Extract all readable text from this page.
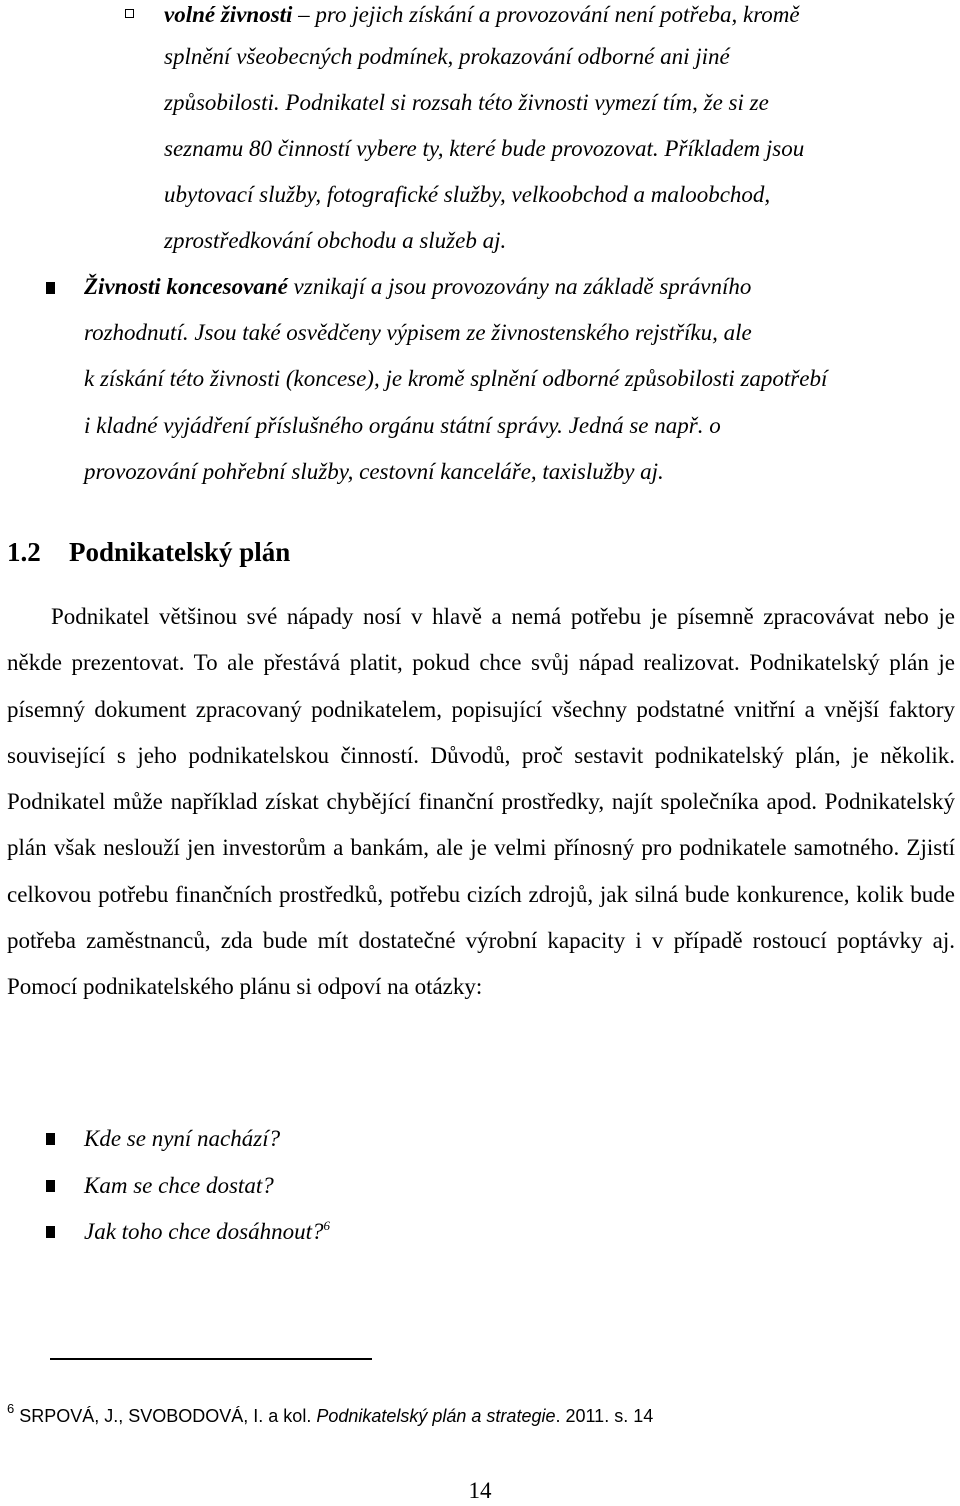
volné živnosti – pro jejich získání a provozování není potřeba, kromě
splnění všeobecných podmínek, prokazování odborné ani jiné
způsobilosti. Podnikatel si rozsah této živnosti vymezí tím, že si ze
seznamu 80 činností vybere ty, které bude provozovat. Příkladem jsou
ubytovací služby, fotografické služby, velkoobchod a maloobchod,
zprostředkování obchodu a služeb aj.
Živnosti koncesované vznikají a jsou provozovány na základě správního
rozhodnutí. Jsou také osvědčeny výpisem ze živnostenského rejstříku, ale
k získání této živnosti (koncese), je kromě splnění odborné způsobilosti zapotřebí
i kladné vyjádření příslušného orgánu státní správy. Jedná se např. o
provozování pohřební služby, cestovní kanceláře, taxislužby aj.
1.2 Podnikatelský plán
Podnikatel většinou své nápady nosí v hlavě a nemá potřebu je písemně zpracovávat nebo je někde prezentovat. To ale přestává platit, pokud chce svůj nápad realizovat. Podnikatelský plán je písemný dokument zpracovaný podnikatelem, popisující všechny podstatné vnitřní a vnější faktory související s jeho podnikatelskou činností. Důvodů, proč sestavit podnikatelský plán, je několik. Podnikatel může například získat chybějící finanční prostředky, najít společníka apod. Podnikatelský plán však neslouží jen investorům a bankám, ale je velmi přínosný pro podnikatele samotného. Zjistí celkovou potřebu finančních prostředků, potřebu cizích zdrojů, jak silná bude konkurence, kolik bude potřeba zaměstnanců, zda bude mít dostatečné výrobní kapacity i v případě rostoucí poptávky aj. Pomocí podnikatelského plánu si odpoví na otázky:
Kde se nyní nachází?
Kam se chce dostat?
Jak toho chce dosáhnout?$^6$
$^6$ SRPOVÁ, J., SVOBODOVÁ, I. a kol. Podnikatelský plán a strategie. 2011. s. 14
14
